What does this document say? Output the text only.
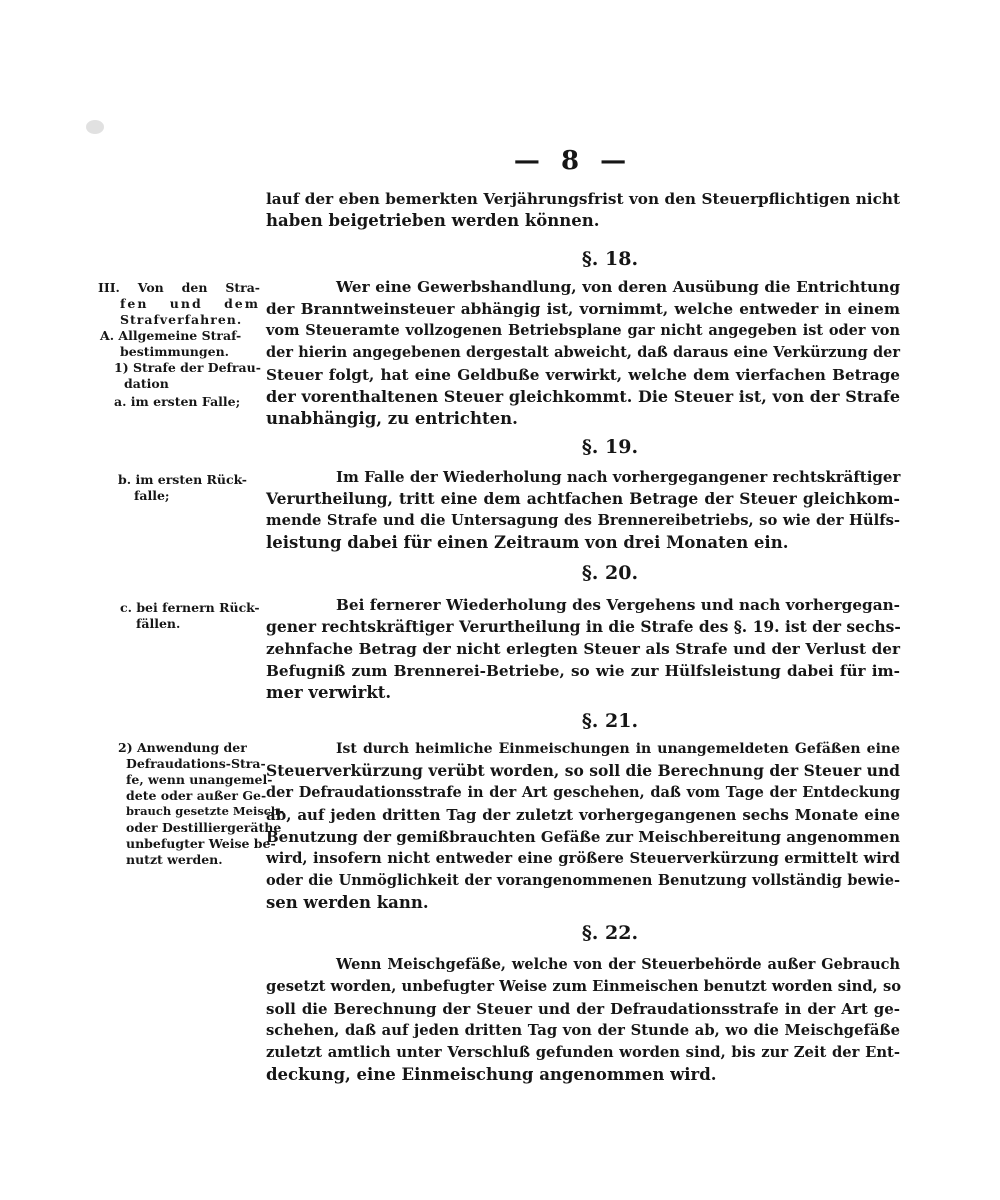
— 8 —
lauf der eben bemerkten Verjährungsfrist von den Steuerpflichtigen nicht
haben beigetrieben werden können.
§. 18.
Wer eine Gewerbshandlung, von deren Ausübung die Entrichtung
der Branntweinsteuer abhängig ist, vornimmt, welche entweder in einem
vom Steueramte vollzogenen Betriebsplane gar nicht angegeben ist oder von
der hierin angegebenen dergestalt abweicht, daß daraus eine Verkürzung der
Steuer folgt, hat eine Geldbuße verwirkt, welche dem vierfachen Betrage
der vorenthaltenen Steuer gleichkommt. Die Steuer ist, von der Strafe
unabhängig, zu entrichten.
§. 19.
Im Falle der Wiederholung nach vorhergegangener rechtskräftiger
Verurtheilung, tritt eine dem achtfachen Betrage der Steuer gleichkom-
mende Strafe und die Untersagung des Brennereibetriebs, so wie der Hülfs-
leistung dabei für einen Zeitraum von drei Monaten ein.
§. 20.
Bei fernerer Wiederholung des Vergehens und nach vorhergegan-
gener rechtskräftiger Verurtheilung in die Strafe des §. 19. ist der sechs-
zehnfache Betrag der nicht erlegten Steuer als Strafe und der Verlust der
Befugniß zum Brennerei-Betriebe, so wie zur Hülfsleistung dabei für im-
mer verwirkt.
§. 21.
Ist durch heimliche Einmeischungen in unangemeldeten Gefäßen eine
Steuerverkürzung verübt worden, so soll die Berechnung der Steuer und
der Defraudationsstrafe in der Art geschehen, daß vom Tage der Entdeckung
ab, auf jeden dritten Tag der zuletzt vorhergegangenen sechs Monate eine
Benutzung der gemißbrauchten Gefäße zur Meischbereitung angenommen
wird, insofern nicht entweder eine größere Steuerverkürzung ermittelt wird
oder die Unmöglichkeit der vorangenommenen Benutzung vollständig bewie-
sen werden kann.
§. 22.
Wenn Meischgefäße, welche von der Steuerbehörde außer Gebrauch
gesetzt worden, unbefugter Weise zum Einmeischen benutzt worden sind, so
soll die Berechnung der Steuer und der Defraudationsstrafe in der Art ge-
schehen, daß auf jeden dritten Tag von der Stunde ab, wo die Meischgefäße
zuletzt amtlich unter Verschluß gefunden worden sind, bis zur Zeit der Ent-
deckung, eine Einmeischung angenommen wird.
III. Von den Stra-
fen und dem
Strafverfahren.
A. Allgemeine Straf-
bestimmungen.
1) Strafe der Defrau-
dation
a. im ersten Falle;
b. im ersten Rück-
falle;
c. bei fernern Rück-
fällen.
2) Anwendung der
Defraudations-Stra-
fe, wenn unangemel-
dete oder außer Ge-
brauch gesetzte Meisch-
oder Destilliergeräthe
unbefugter Weise be-
nutzt werden.
